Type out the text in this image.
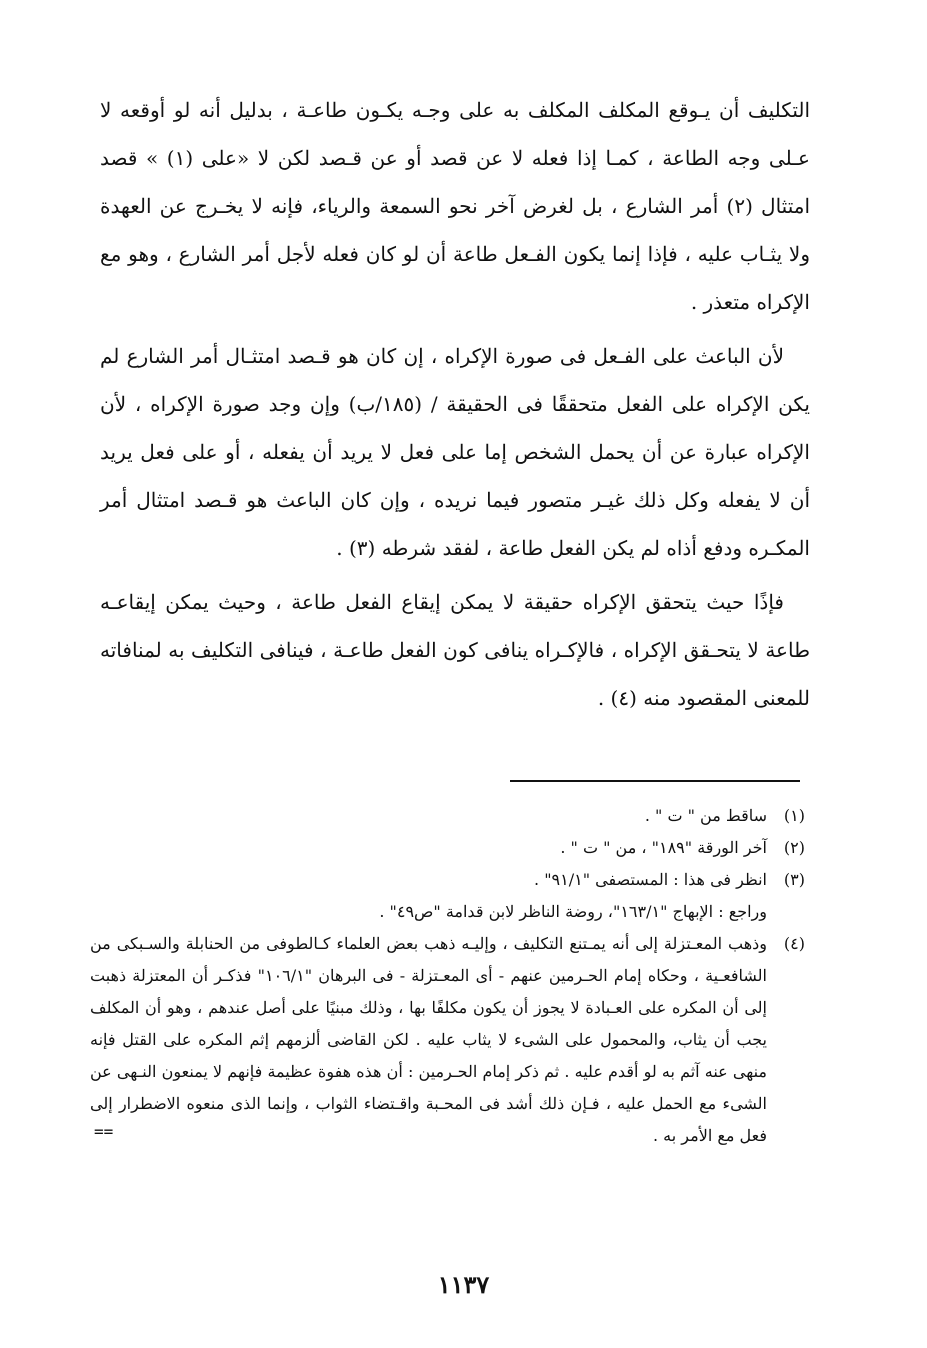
التكليف أن يـوقع المكلف المكلف به على وجـه يكـون طاعـة ، بدليل أنه لو أوقعه لا عـلى وجه الطاعة ، كمـا إذا فعله لا عن قصد أو عن قـصد لكن لا «على (١) » قصد امتثال (٢) أمر الشارع ، بل لغرض آخر نحو السمعة والرياء، فإنه لا يخـرج عن العهدة ولا يثـاب عليه ، فإذا إنما يكون الفـعل طاعة أن لو كان فعله لأجل أمر الشارع ، وهو مع الإكراه متعذر .

لأن الباعث على الفـعل فى صورة الإكراه ، إن كان هو قـصد امتثـال أمر الشارع لم يكن الإكراه على الفعل متحققًا فى الحقيقة / (١٨٥/ب) وإن وجد صورة الإكراه ، لأن الإكراه عبارة عن أن يحمل الشخص إما على فعل لا يريد أن يفعله ، أو على فعل يريد أن لا يفعله وكل ذلك غيـر متصور فيما نريده ، وإن كان الباعث هو قـصد امتثال أمر المكـره ودفع أذاه لم يكن الفعل طاعة ، لفقد شرطه (٣) .

فإذًا حيث يتحقق الإكراه حقيقة لا يمكن إيقاع الفعل طاعة ، وحيث يمكن إيقاعـه طاعة لا يتحـقق الإكراه ، فالإكـراه ينافى كون الفعل طاعـة ، فينافى التكليف به لمنافاته للمعنى المقصود منه (٤) .

(١)
ساقط من " ت " .
(٢)
آخر الورقة "١٨٩" ، من " ت " .
(٣)
انظر فى هذا : المستصفى "٩١/١" .
وراجع : الإبهاج "١٦٣/١"، روضة الناظر لابن قدامة "ص٤٩" .
(٤)
وذهب المعـتزلة إلى أنه يمـتنع التكليف ، وإليـه ذهب بعض العلماء كـالطوفى من الحنابلة والسـبكى من الشافعـية ، وحكاه إمام الحـرمين عنهم - أى المعـتزلة - فى البرهان "١٠٦/١" فذكـر أن المعتزلة ذهبت إلى أن المكره على العـبادة لا يجوز أن يكون مكلفًا بها ، وذلك مبنيًا على أصل عندهم ، وهو أن المكلف يجب أن يثاب، والمحمول على الشىء لا يثاب عليه . لكن القاضى ألزمهم إثم المكره على القتل فإنه منهى عنه آثم به لو أقدم عليه . ثم ذكر إمام الحـرمين : أن هذه هفوة عظيمة فإنهم لا يمنعون النـهى عن الشىء مع الحمل عليه ، فـإن ذلك أشد فى المحـبة واقـتضاء الثواب ، وإنما الذى منعوه الاضطرار إلى فعل مع الأمر به .
==
١١٣٧
